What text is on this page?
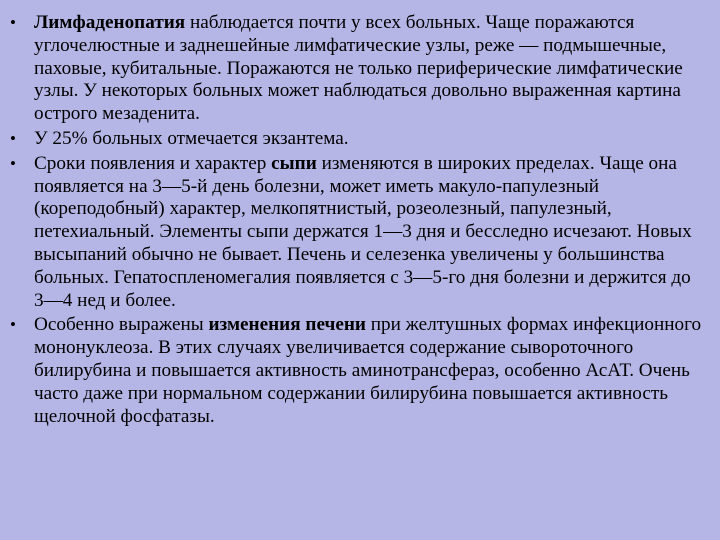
• Лимфаденопатия наблюдается почти у всех больных. Чаще поражаются углочелюстные и заднешейные лимфатические узлы, реже — подмышечные, паховые, кубитальные. Поражаются не только периферические лимфатические узлы. У некоторых больных может наблюдаться довольно выраженная картина острого мезаденита.
• У 25% больных отмечается экзантема.
• Сроки появления и характер сыпи изменяются в широких пределах. Чаще она появляется на 3—5-й день болезни, может иметь макуло-папулезный (кореподобный) характер, мелкопятнистый, розеолезный, папулезный, петехиальный. Элементы сыпи держатся 1—3 дня и бесследно исчезают. Новых высыпаний обычно не бывает. Печень и селезенка увеличены у большинства больных. Гепатоспленомегалия появляется с 3—5-го дня болезни и держится до 3—4 нед и более.
• Особенно выражены изменения печени при желтушных формах инфекционного мононуклеоза. В этих случаях увеличивается содержание сывороточного билирубина и повышается активность аминотрансфераз, особенно АсАТ. Очень часто даже при нормальном содержании билирубина повышается активность щелочной фосфатазы.
